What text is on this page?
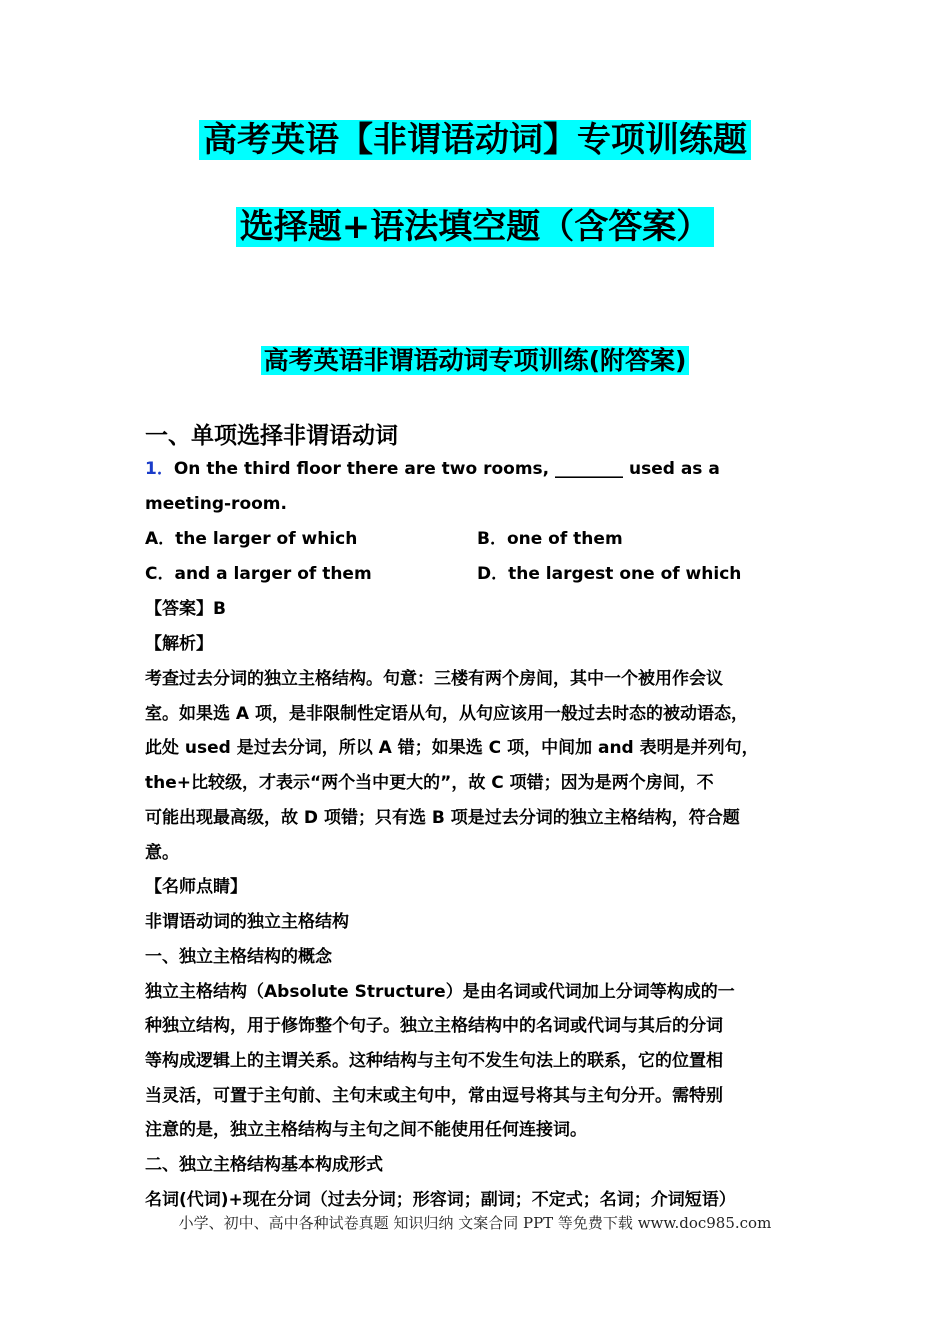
高考英语【非谓语动词】专项训练题
选择题+语法填空题（含答案）
高考英语非谓语动词专项训练(附答案)

一、单项选择非谓语动词

1．On the third floor there are two rooms, ________ used as a

meeting-room.

A．the larger of which	B．one of them
C．and a larger of them	D．the largest one of which

【答案】B

【解析】

考查过去分词的独立主格结构。句意：三楼有两个房间，其中一个被用作会议

室。如果选 A 项，是非限制性定语从句，从句应该用一般过去时态的被动语态，

此处 used 是过去分词，所以 A 错；如果选 C 项，中间加 and 表明是并列句，

the+比较级，才表示“两个当中更大的”，故 C 项错；因为是两个房间，不

可能出现最高级，故 D 项错；只有选 B 项是过去分词的独立主格结构，符合题

意。

【名师点睛】

非谓语动词的独立主格结构

一、独立主格结构的概念

独立主格结构（Absolute Structure）是由名词或代词加上分词等构成的一

种独立结构，用于修饰整个句子。独立主格结构中的名词或代词与其后的分词

等构成逻辑上的主谓关系。这种结构与主句不发生句法上的联系，它的位置相

当灵活，可置于主句前、主句末或主句中，常由逗号将其与主句分开。需特别

注意的是，独立主格结构与主句之间不能使用任何连接词。

二、独立主格结构基本构成形式

名词(代词)+现在分词（过去分词；形容词；副词；不定式；名词；介词短语）

小学、初中、高中各种试卷真题 知识归纳 文案合同 PPT 等免费下载 www.doc985.com
